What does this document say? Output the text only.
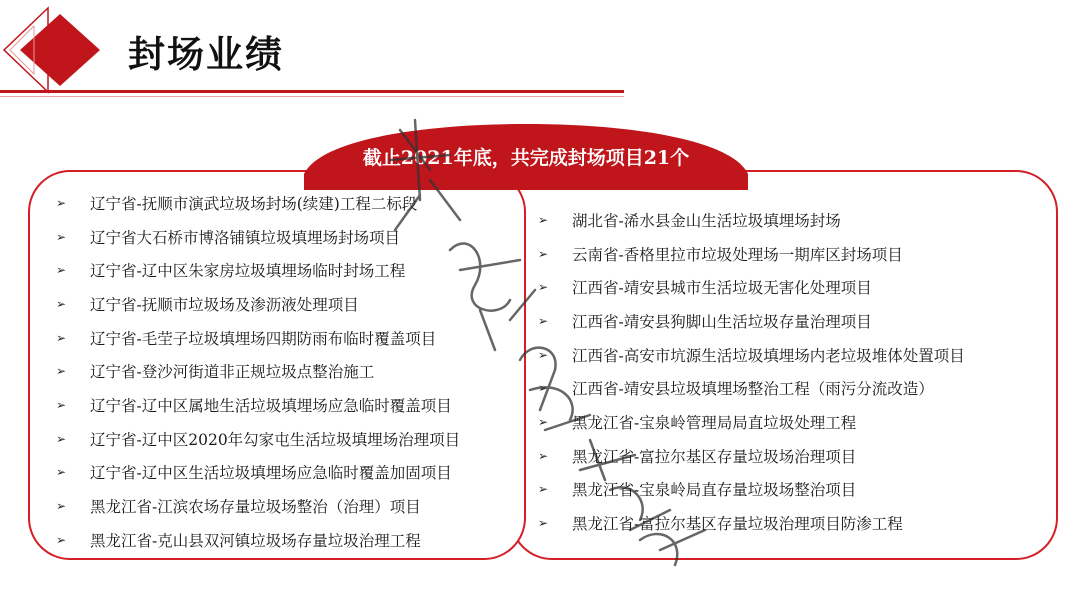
封场业绩
截止2021年底，共完成封场项目21个
➢	辽宁省-抚顺市演武垃圾场封场(续建)工程二标段
➢	辽宁省大石桥市博洛铺镇垃圾填埋场封场项目
➢	辽宁省-辽中区朱家房垃圾填埋场临时封场工程
➢	辽宁省-抚顺市垃圾场及渗沥液处理项目
➢	辽宁省-毛茔子垃圾填埋场四期防雨布临时覆盖项目
➢	辽宁省-登沙河街道非正规垃圾点整治施工
➢	辽宁省-辽中区属地生活垃圾填埋场应急临时覆盖项目
➢	辽宁省-辽中区2020年勾家屯生活垃圾填埋场治理项目
➢	辽宁省-辽中区生活垃圾填埋场应急临时覆盖加固项目
➢	黑龙江省-江滨农场存量垃圾场整治（治理）项目
➢	黑龙江省-克山县双河镇垃圾场存量垃圾治理工程
➢	湖北省-浠水县金山生活垃圾填埋场封场
➢	云南省-香格里拉市垃圾处理场一期库区封场项目
➢	江西省-靖安县城市生活垃圾无害化处理项目
➢	江西省-靖安县狗脚山生活垃圾存量治理项目
➢	江西省-高安市坑源生活垃圾填埋场内老垃圾堆体处置项目
➢	江西省-靖安县垃圾填埋场整治工程（雨污分流改造）
➢	黑龙江省-宝泉岭管理局局直垃圾处理工程
➢	黑龙江省-富拉尔基区存量垃圾场治理项目
➢	黑龙江省-宝泉岭局直存量垃圾场整治项目
➢	黑龙江省-富拉尔基区存量垃圾治理项目防渗工程
